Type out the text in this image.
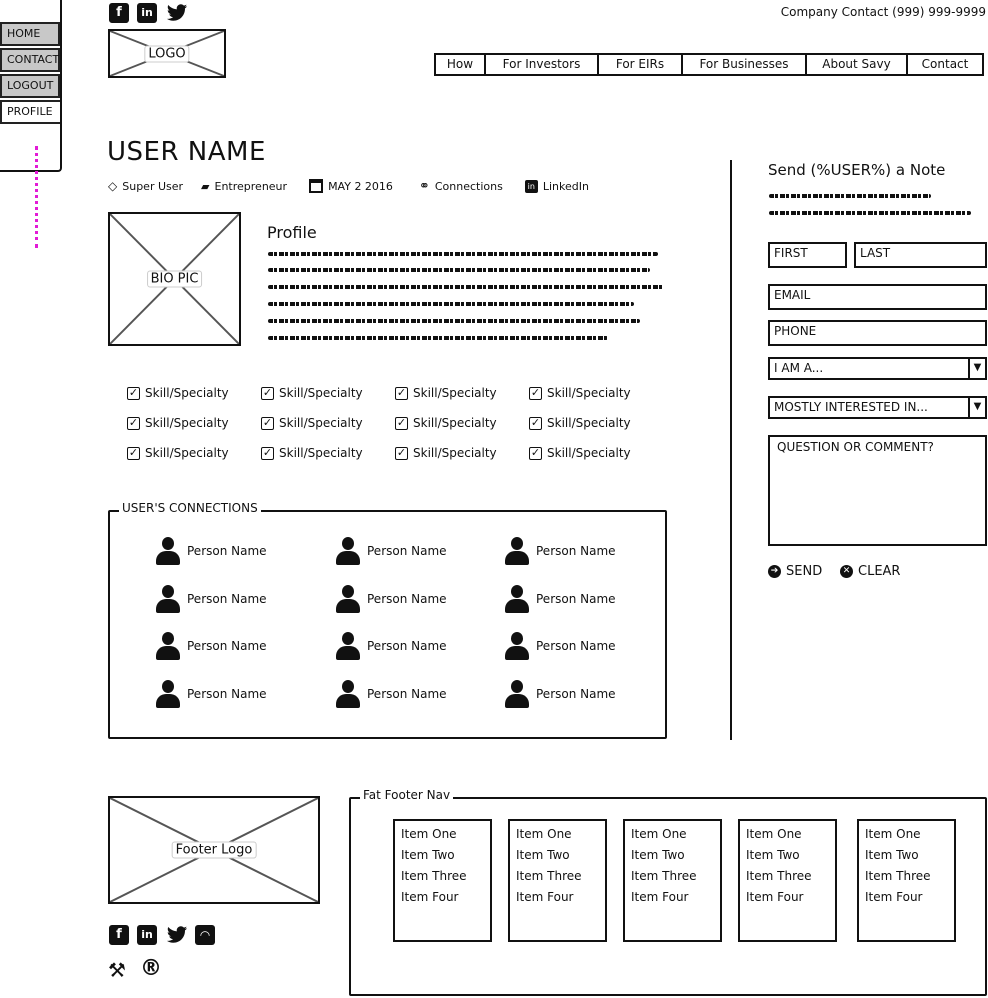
HOME
CONTACT
LOGOUT
PROFILE
f	in
LOGO
Company Contact (999) 999-9999
How	For Investors	For EIRs	For Businesses	About Savy	Contact
USER NAME
◇ Super User ▰ Entrepreneur	MAY 2 2016 ⚭ Connections	in LinkedIn
BIO PIC
Profile
✓ Skill/Specialty	✓ Skill/Specialty	✓ Skill/Specialty	✓ Skill/Specialty
✓ Skill/Specialty	✓ Skill/Specialty	✓ Skill/Specialty	✓ Skill/Specialty
✓ Skill/Specialty	✓ Skill/Specialty	✓ Skill/Specialty	✓ Skill/Specialty
USER'S CONNECTIONS
Person Name	Person Name	Person Name
Person Name	Person Name	Person Name
Person Name	Person Name	Person Name
Person Name	Person Name	Person Name
Send (%USER%) a Note
FIRST	LAST
EMAIL
PHONE
I AM A...	▼
MOSTLY INTERESTED IN...	▼
QUESTION OR COMMENT?
➔ SEND	✕ CLEAR
Footer Logo
f	in	◠
⚒ ®
Fat Footer Nav
Item One
Item Two
Item Three
Item Four
Item One
Item Two
Item Three
Item Four
Item One
Item Two
Item Three
Item Four
Item One
Item Two
Item Three
Item Four
Item One
Item Two
Item Three
Item Four
